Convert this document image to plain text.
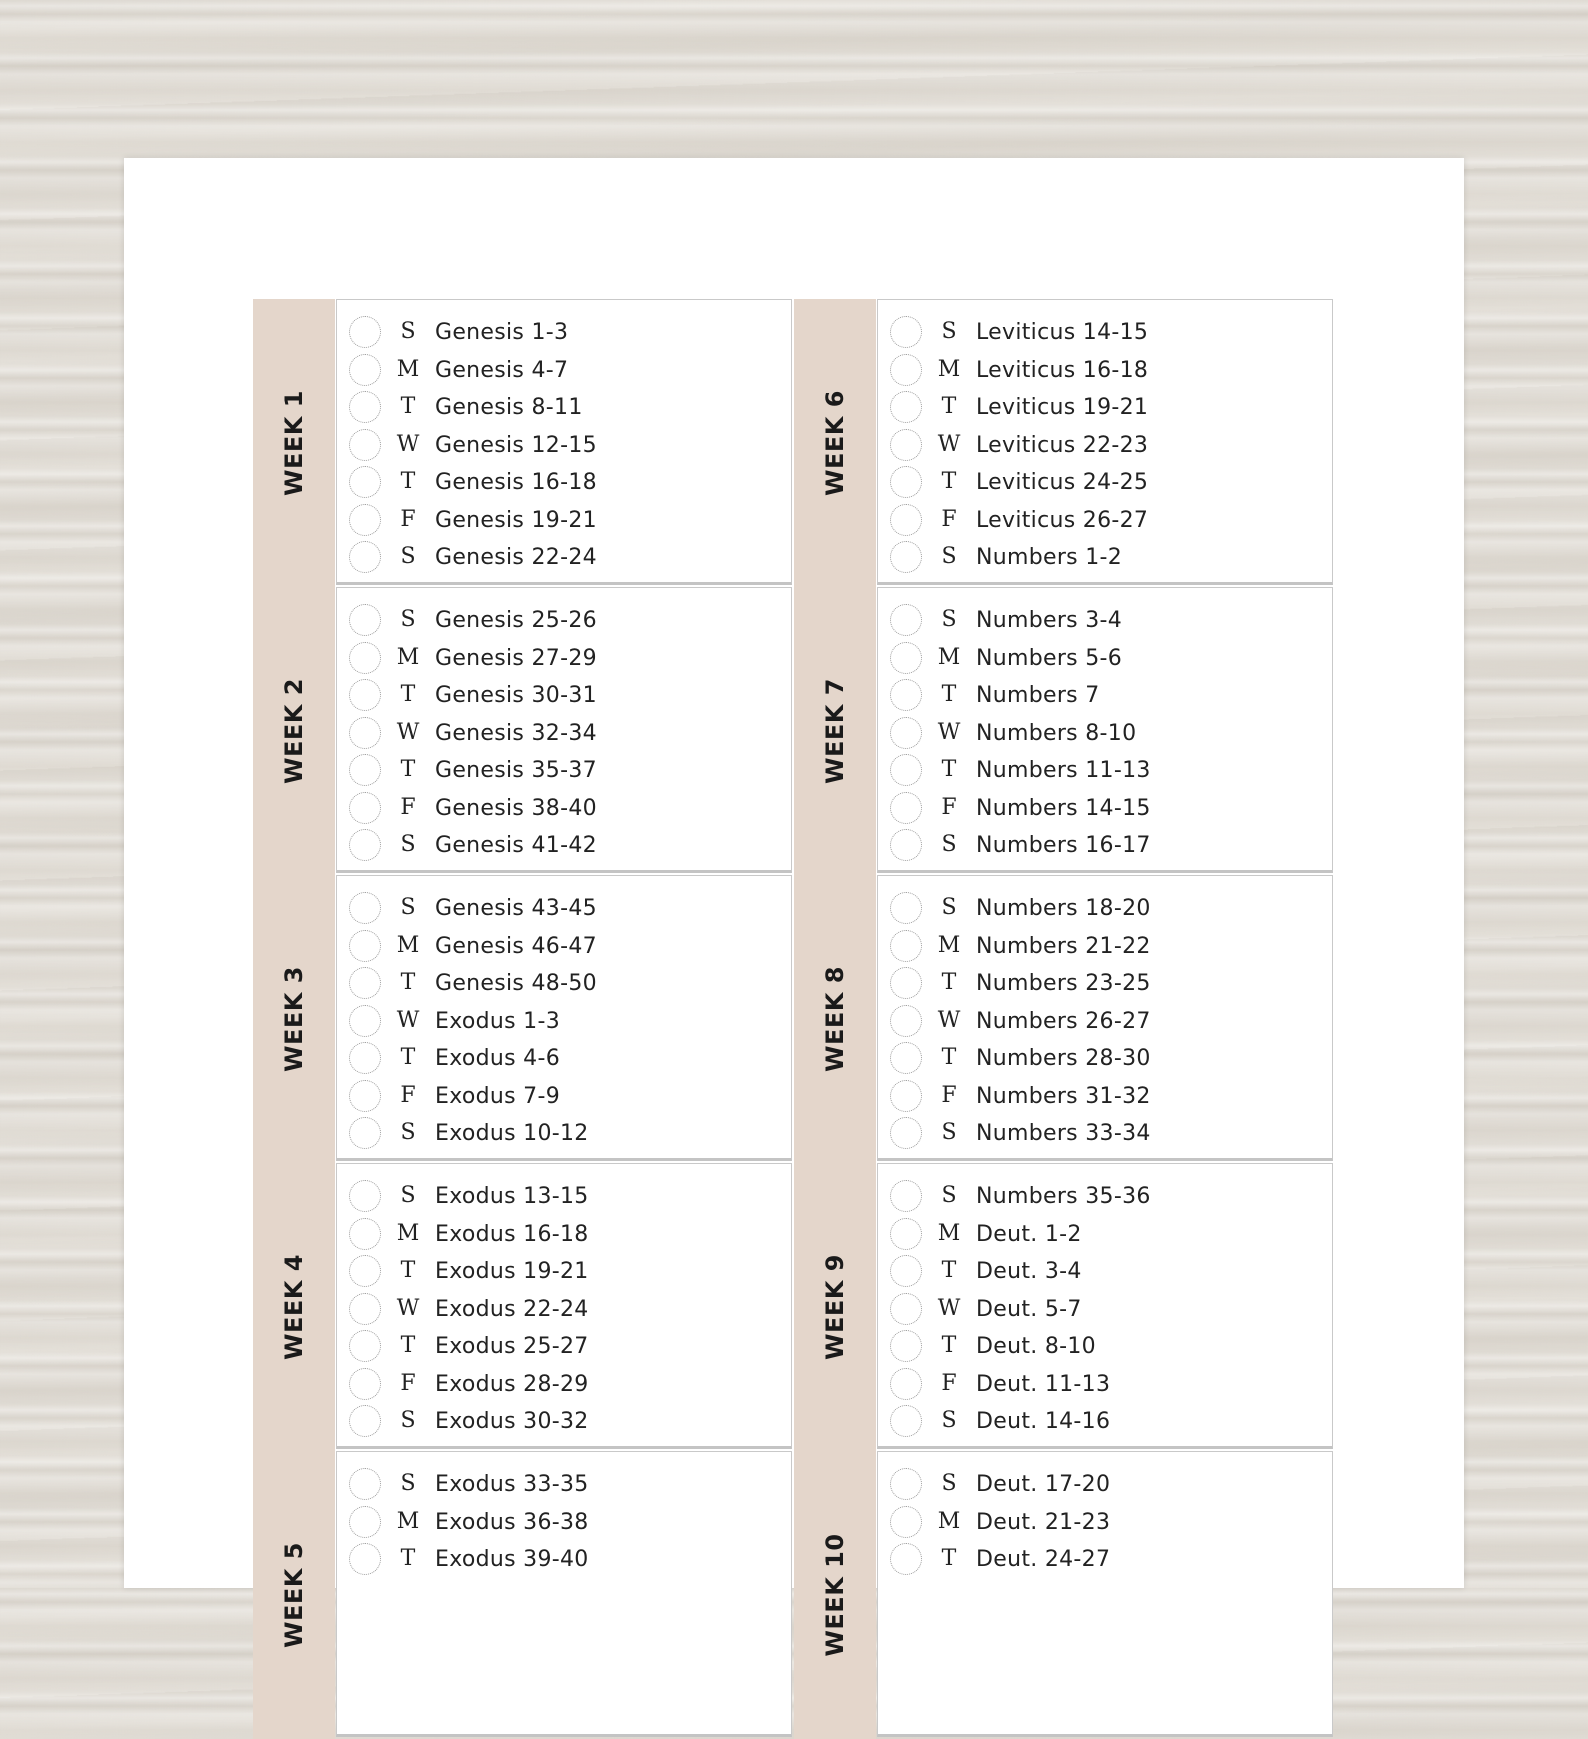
WEEK 1
S Genesis 1-3
M Genesis 4-7
T Genesis 8-11
W Genesis 12-15
T Genesis 16-18
F Genesis 19-21
S Genesis 22-24
WEEK 2
S Genesis 25-26
M Genesis 27-29
T Genesis 30-31
W Genesis 32-34
T Genesis 35-37
F Genesis 38-40
S Genesis 41-42
WEEK 3
S Genesis 43-45
M Genesis 46-47
T Genesis 48-50
W Exodus 1-3
T Exodus 4-6
F Exodus 7-9
S Exodus 10-12
WEEK 4
S Exodus 13-15
M Exodus 16-18
T Exodus 19-21
W Exodus 22-24
T Exodus 25-27
F Exodus 28-29
S Exodus 30-32
WEEK 5
S Exodus 33-35
M Exodus 36-38
T Exodus 39-40
WEEK 6
S Leviticus 14-15
M Leviticus 16-18
T Leviticus 19-21
W Leviticus 22-23
T Leviticus 24-25
F Leviticus 26-27
S Numbers 1-2
WEEK 7
S Numbers 3-4
M Numbers 5-6
T Numbers 7
W Numbers 8-10
T Numbers 11-13
F Numbers 14-15
S Numbers 16-17
WEEK 8
S Numbers 18-20
M Numbers 21-22
T Numbers 23-25
W Numbers 26-27
T Numbers 28-30
F Numbers 31-32
S Numbers 33-34
WEEK 9
S Numbers 35-36
M Deut. 1-2
T Deut. 3-4
W Deut. 5-7
T Deut. 8-10
F Deut. 11-13
S Deut. 14-16
WEEK 10
S Deut. 17-20
M Deut. 21-23
T Deut. 24-27
